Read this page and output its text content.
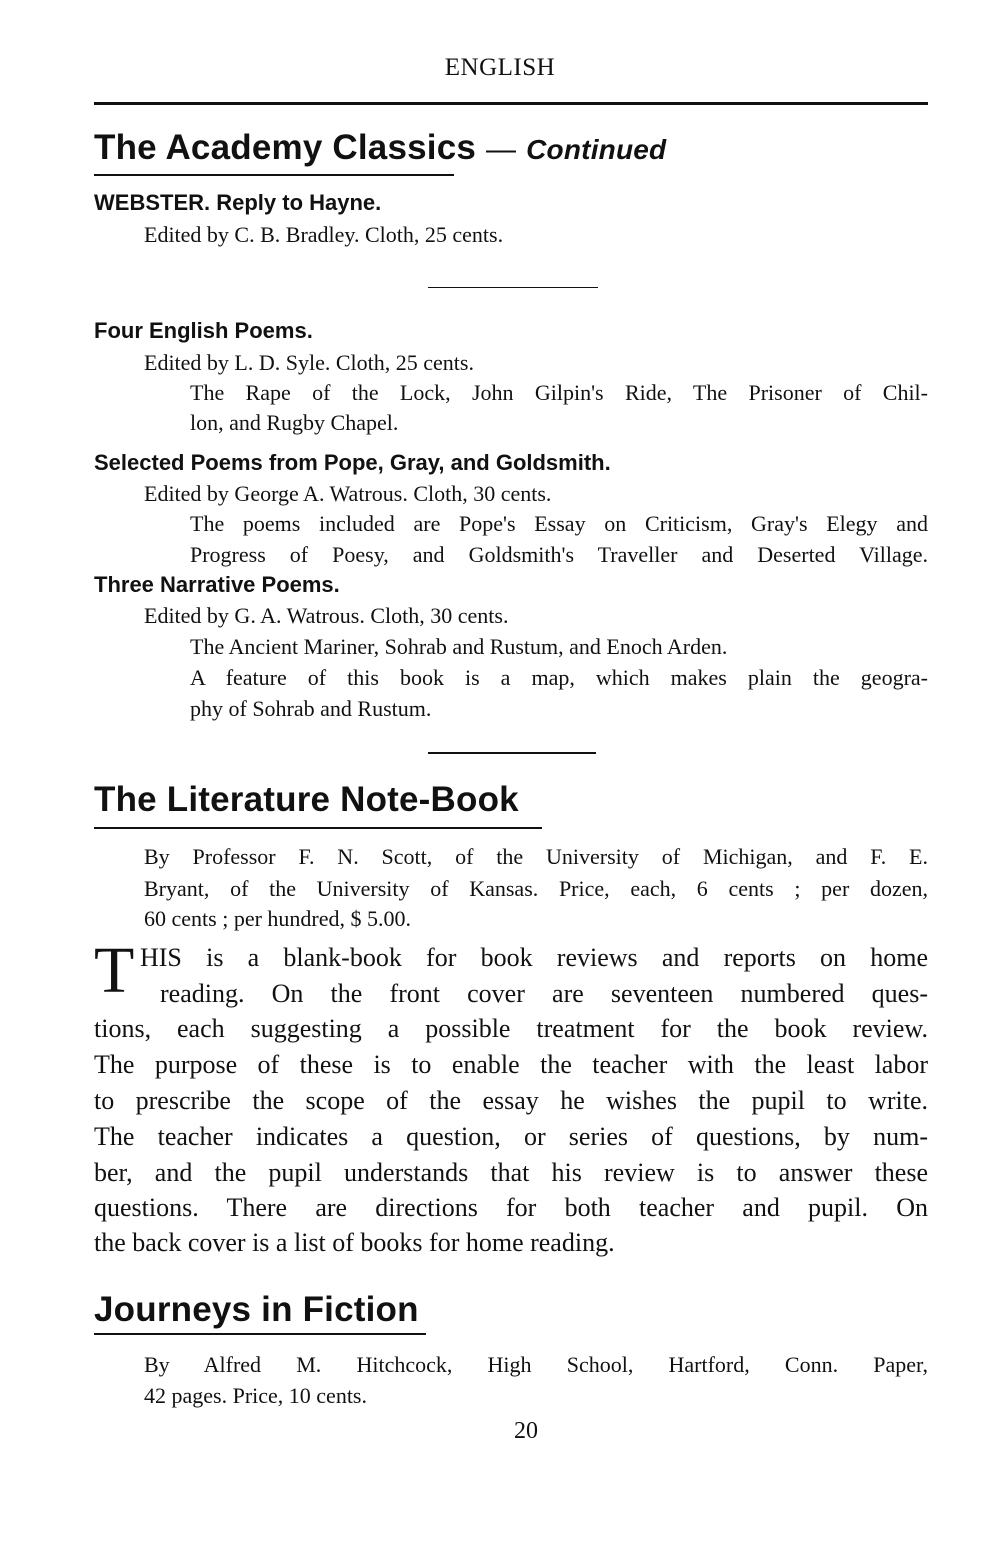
ENGLISH
The Academy Classics — Continued
WEBSTER. Reply to Hayne.
Edited by C. B. Bradley. Cloth, 25 cents.
Four English Poems.
Edited by L. D. Syle. Cloth, 25 cents.
The Rape of the Lock, John Gilpin's Ride, The Prisoner of Chil-
lon, and Rugby Chapel.
Selected Poems from Pope, Gray, and Goldsmith.
Edited by George A. Watrous. Cloth, 30 cents.
The poems included are Pope's Essay on Criticism, Gray's Elegy and
Progress of Poesy, and Goldsmith's Traveller and Deserted Village.
Three Narrative Poems.
Edited by G. A. Watrous. Cloth, 30 cents.
The Ancient Mariner, Sohrab and Rustum, and Enoch Arden.
A feature of this book is a map, which makes plain the geogra-
phy of Sohrab and Rustum.
The Literature Note-Book
By Professor F. N. Scott, of the University of Michigan, and F. E.
Bryant, of the University of Kansas. Price, each, 6 cents ; per dozen,
60 cents ; per hundred, $ 5.00.
T HIS is a blank-book for book reviews and reports on home
reading. On the front cover are seventeen numbered ques-
tions, each suggesting a possible treatment for the book review.
The purpose of these is to enable the teacher with the least labor
to prescribe the scope of the essay he wishes the pupil to write.
The teacher indicates a question, or series of questions, by num-
ber, and the pupil understands that his review is to answer these
questions. There are directions for both teacher and pupil. On
the back cover is a list of books for home reading.
Journeys in Fiction
By Alfred M. Hitchcock, High School, Hartford, Conn. Paper,
42 pages. Price, 10 cents.
20
